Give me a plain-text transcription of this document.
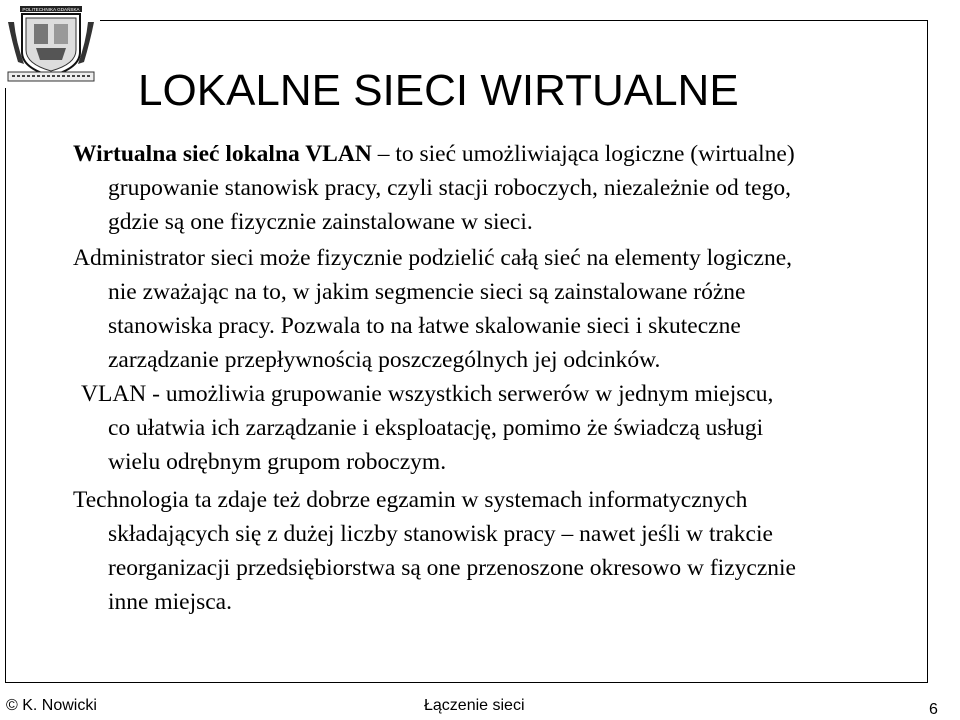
POLITECHNIKA GDAŃSKA
LOKALNE SIECI WIRTUALNE
Wirtualna sieć lokalna VLAN – to sieć umożliwiająca logiczne (wirtualne)
grupowanie stanowisk pracy, czyli stacji roboczych, niezależnie od tego,
gdzie są one fizycznie zainstalowane w sieci.
Administrator sieci może fizycznie podzielić całą sieć na elementy logiczne,
nie zważając na to, w jakim segmencie sieci są zainstalowane różne
stanowiska pracy. Pozwala to na łatwe skalowanie sieci i skuteczne
zarządzanie przepływnością poszczególnych jej odcinków.
VLAN - umożliwia grupowanie wszystkich serwerów w jednym miejscu,
co ułatwia ich zarządzanie i eksploatację, pomimo że świadczą usługi
wielu odrębnym grupom roboczym.
Technologia ta zdaje też dobrze egzamin w systemach informatycznych
składających się z dużej liczby stanowisk pracy – nawet jeśli w trakcie
reorganizacji przedsiębiorstwa są one przenoszone okresowo w fizycznie
inne miejsca.
© K. Nowicki	Łączenie sieci	6
